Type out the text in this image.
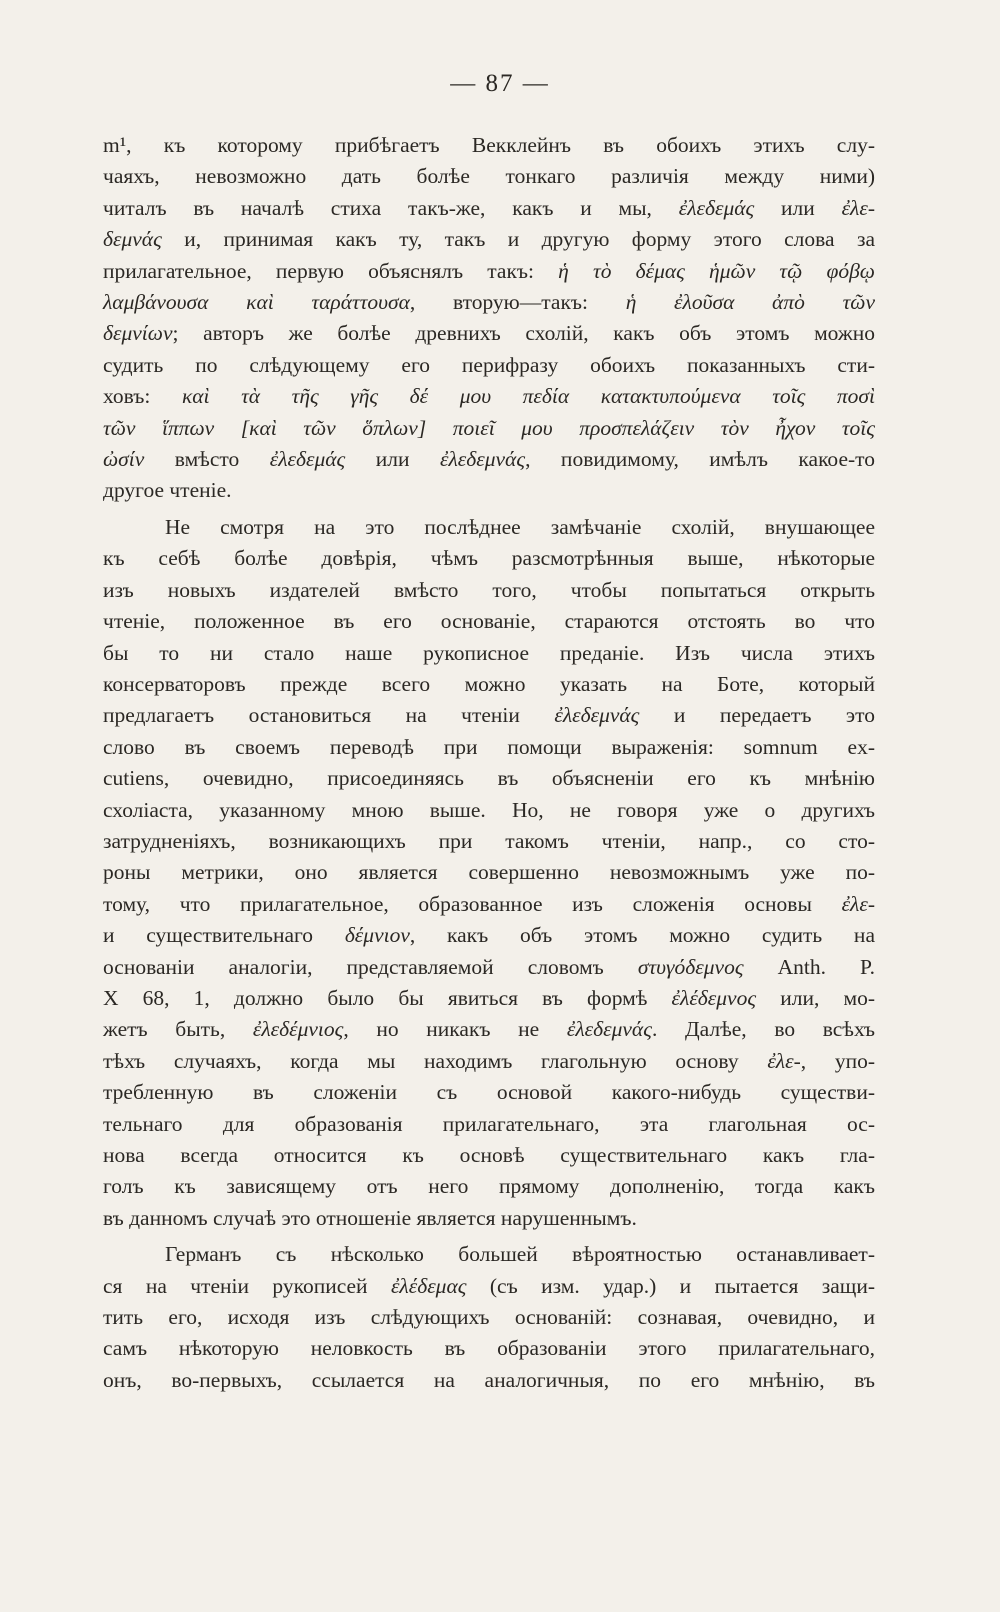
— 87 —
m¹, къ которому прибѣгаетъ Векклейнъ въ обоихъ этихъ слу-
чаяхъ, невозможно дать болѣе тонкаго различія между ними)
читалъ въ началѣ стиха такъ-же, какъ и мы, ἐλεδεμάς или ἐλε-
δεμνάς и, принимая какъ ту, такъ и другую форму этого слова за
прилагательное, первую объяснялъ такъ: ἡ τὸ δέμας ἡμῶν τῷ φόβῳ
λαμβάνουσα καὶ ταράττουσα, вторую—такъ: ἡ ἐλοῦσα ἀπὸ τῶν
δεμνίων; авторъ же болѣе древнихъ схолій, какъ объ этомъ можно
судить по слѣдующему его перифразу обоихъ показанныхъ сти-
ховъ: καὶ τὰ τῆς γῆς δέ μου πεδία κατακτυπούμενα τοῖς ποσὶ
τῶν ἵππων [καὶ τῶν ὅπλων] ποιεῖ μου προσπελάζειν τὸν ἦχον τοῖς
ὠσίν вмѣсто ἐλεδεμάς или ἐλεδεμνάς, повидимому, имѣлъ какое-то
другое чтеніе.
Не смотря на это послѣднее замѣчаніе схолій, внушающее
къ себѣ болѣе довѣрія, чѣмъ разсмотрѣнныя выше, нѣкоторые
изъ новыхъ издателей вмѣсто того, чтобы попытаться открыть
чтеніе, положенное въ его основаніе, стараются отстоять во что
бы то ни стало наше рукописное преданіе. Изъ числа этихъ
консерваторовъ прежде всего можно указать на Боте, который
предлагаетъ остановиться на чтеніи ἐλεδεμνάς и передаетъ это
слово въ своемъ переводѣ при помощи выраженія: somnum ex-
cutiens, очевидно, присоединяясь въ объясненіи его къ мнѣнію
схоліаста, указанному мною выше. Но, не говоря уже о другихъ
затрудненіяхъ, возникающихъ при такомъ чтеніи, напр., со сто-
роны метрики, оно является совершенно невозможнымъ уже по-
тому, что прилагательное, образованное изъ сложенія основы ἐλε-
и существительнаго δέμνιον, какъ объ этомъ можно судить на
основаніи аналогіи, представляемой словомъ στυγόδεμνος Anth. P.
X 68, 1, должно было бы явиться въ формѣ ἐλέδεμνος или, мо-
жетъ быть, ἐλεδέμνιος, но никакъ не ἐλεδεμνάς. Далѣе, во всѣхъ
тѣхъ случаяхъ, когда мы находимъ глагольную основу ἐλε-, упо-
требленную въ сложеніи съ основой какого-нибудь существи-
тельнаго для образованія прилагательнаго, эта глагольная ос-
нова всегда относится къ основѣ существительнаго какъ гла-
голъ къ зависящему отъ него прямому дополненію, тогда какъ
въ данномъ случаѣ это отношеніе является нарушеннымъ.
Германъ съ нѣсколько большей вѣроятностью останавливает-
ся на чтеніи рукописей ἐλέδεμας (съ изм. удар.) и пытается защи-
тить его, исходя изъ слѣдующихъ основаній: сознавая, очевидно, и
самъ нѣкоторую неловкость въ образованіи этого прилагательнаго,
онъ, во-первыхъ, ссылается на аналогичныя, по его мнѣнію, въ
